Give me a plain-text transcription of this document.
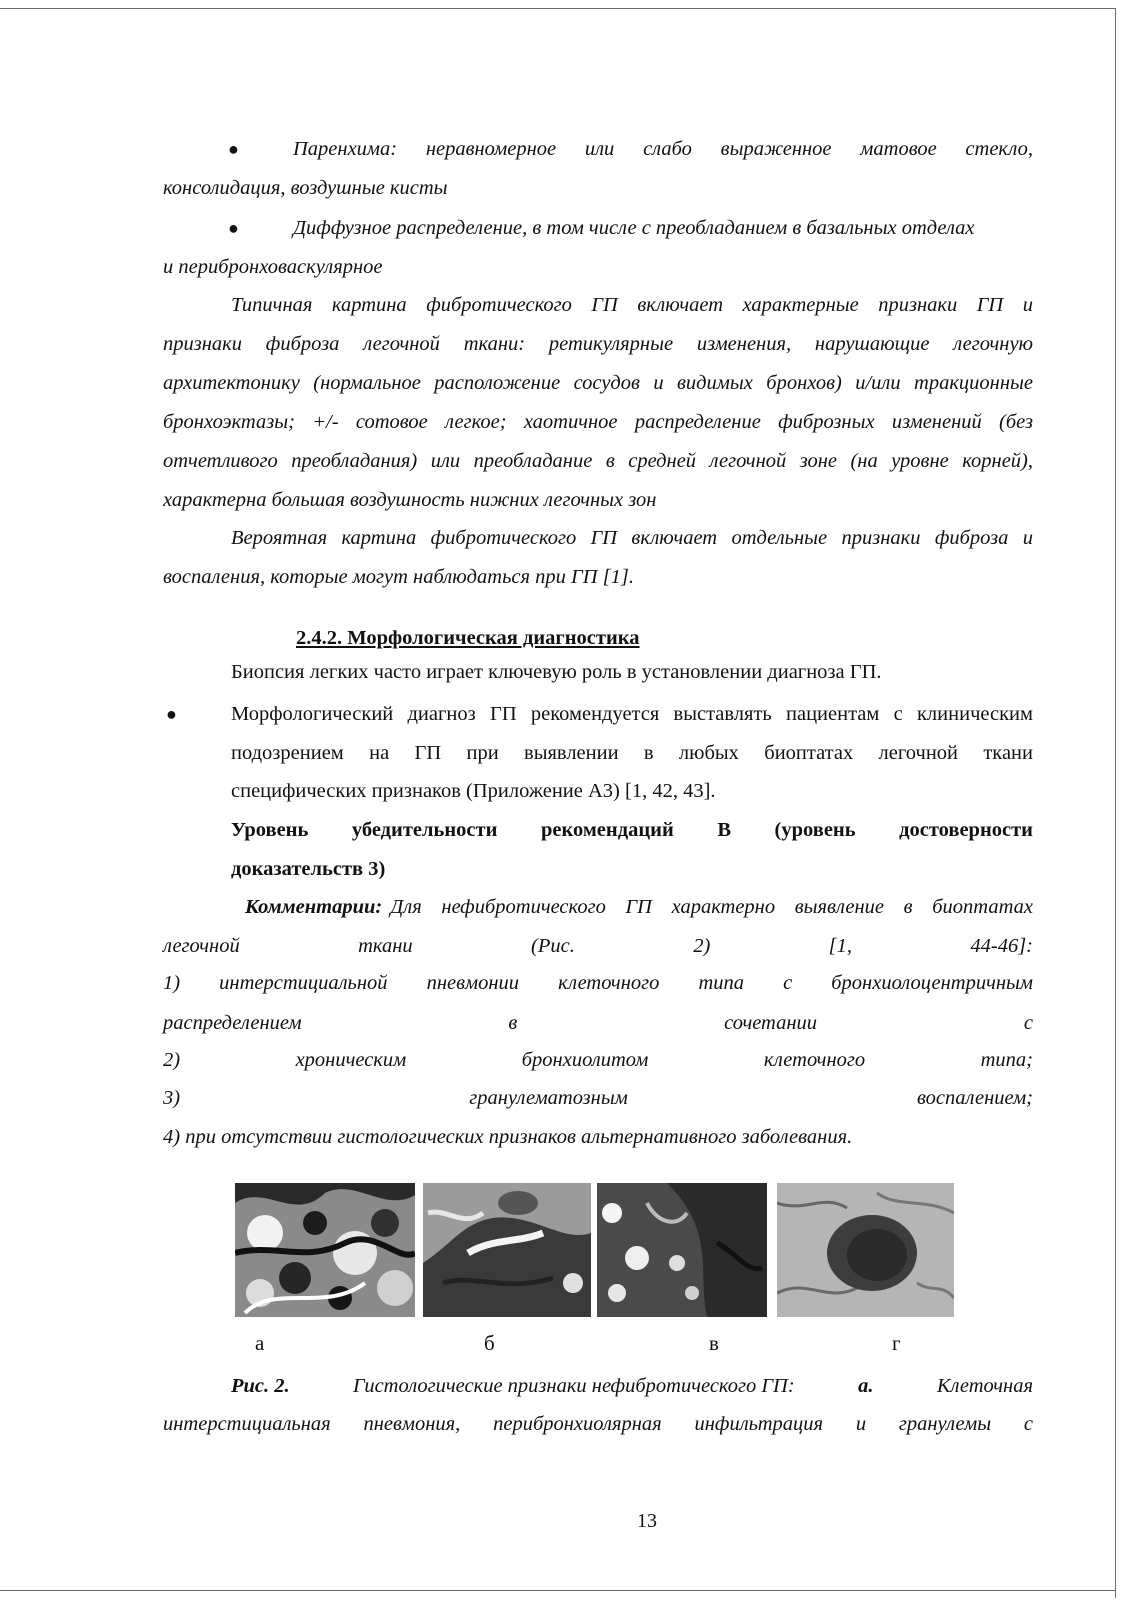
●	Паренхима: неравномерное или слабо выраженное матовое стекло,
консолидация, воздушные кисты
●	Диффузное распределение, в том числе с преобладанием в базальных отделах
и перибронховаскулярное
Типичная картина фибротического ГП включает характерные признаки ГП и
признаки фиброза легочной ткани: ретикулярные изменения, нарушающие легочную
архитектонику (нормальное расположение сосудов и видимых бронхов) и/или тракционные
бронхоэктазы; +/- сотовое легкое; хаотичное распределение фиброзных изменений (без
отчетливого преобладания) или преобладание в средней легочной зоне (на уровне корней),
характерна большая воздушность нижних легочных зон
Вероятная картина фибротического ГП включает отдельные признаки фиброза и
воспаления, которые могут наблюдаться при ГП [1].
2.4.2. Морфологическая диагностика
Биопсия легких часто играет ключевую роль в установлении диагноза ГП.
●	Морфологический диагноз ГП рекомендуется выставлять пациентам с клиническим
подозрением на ГП при выявлении в любых биоптатах легочной ткани
специфических признаков (Приложение А3) [1, 42, 43].
Уровень убедительности рекомендаций В (уровень достоверности
доказательств 3)
Комментарии: Для нефибротического ГП характерно выявление в биоптатах
легочной ткани (Рис. 2) [1, 44-46]:
1) интерстициальной пневмонии клеточного типа с бронхиолоцентричным
распределением в сочетании с
2) хроническим бронхиолитом клеточного типа;
3) гранулематозным воспалением;
4) при отсутствии гистологических признаков альтернативного заболевания.
а	б	в	г
Рис. 2.	Гистологические признаки нефибротического ГП:	а.	Клеточная
интерстициальная пневмония, перибронхиолярная инфильтрация и гранулемы с
13
